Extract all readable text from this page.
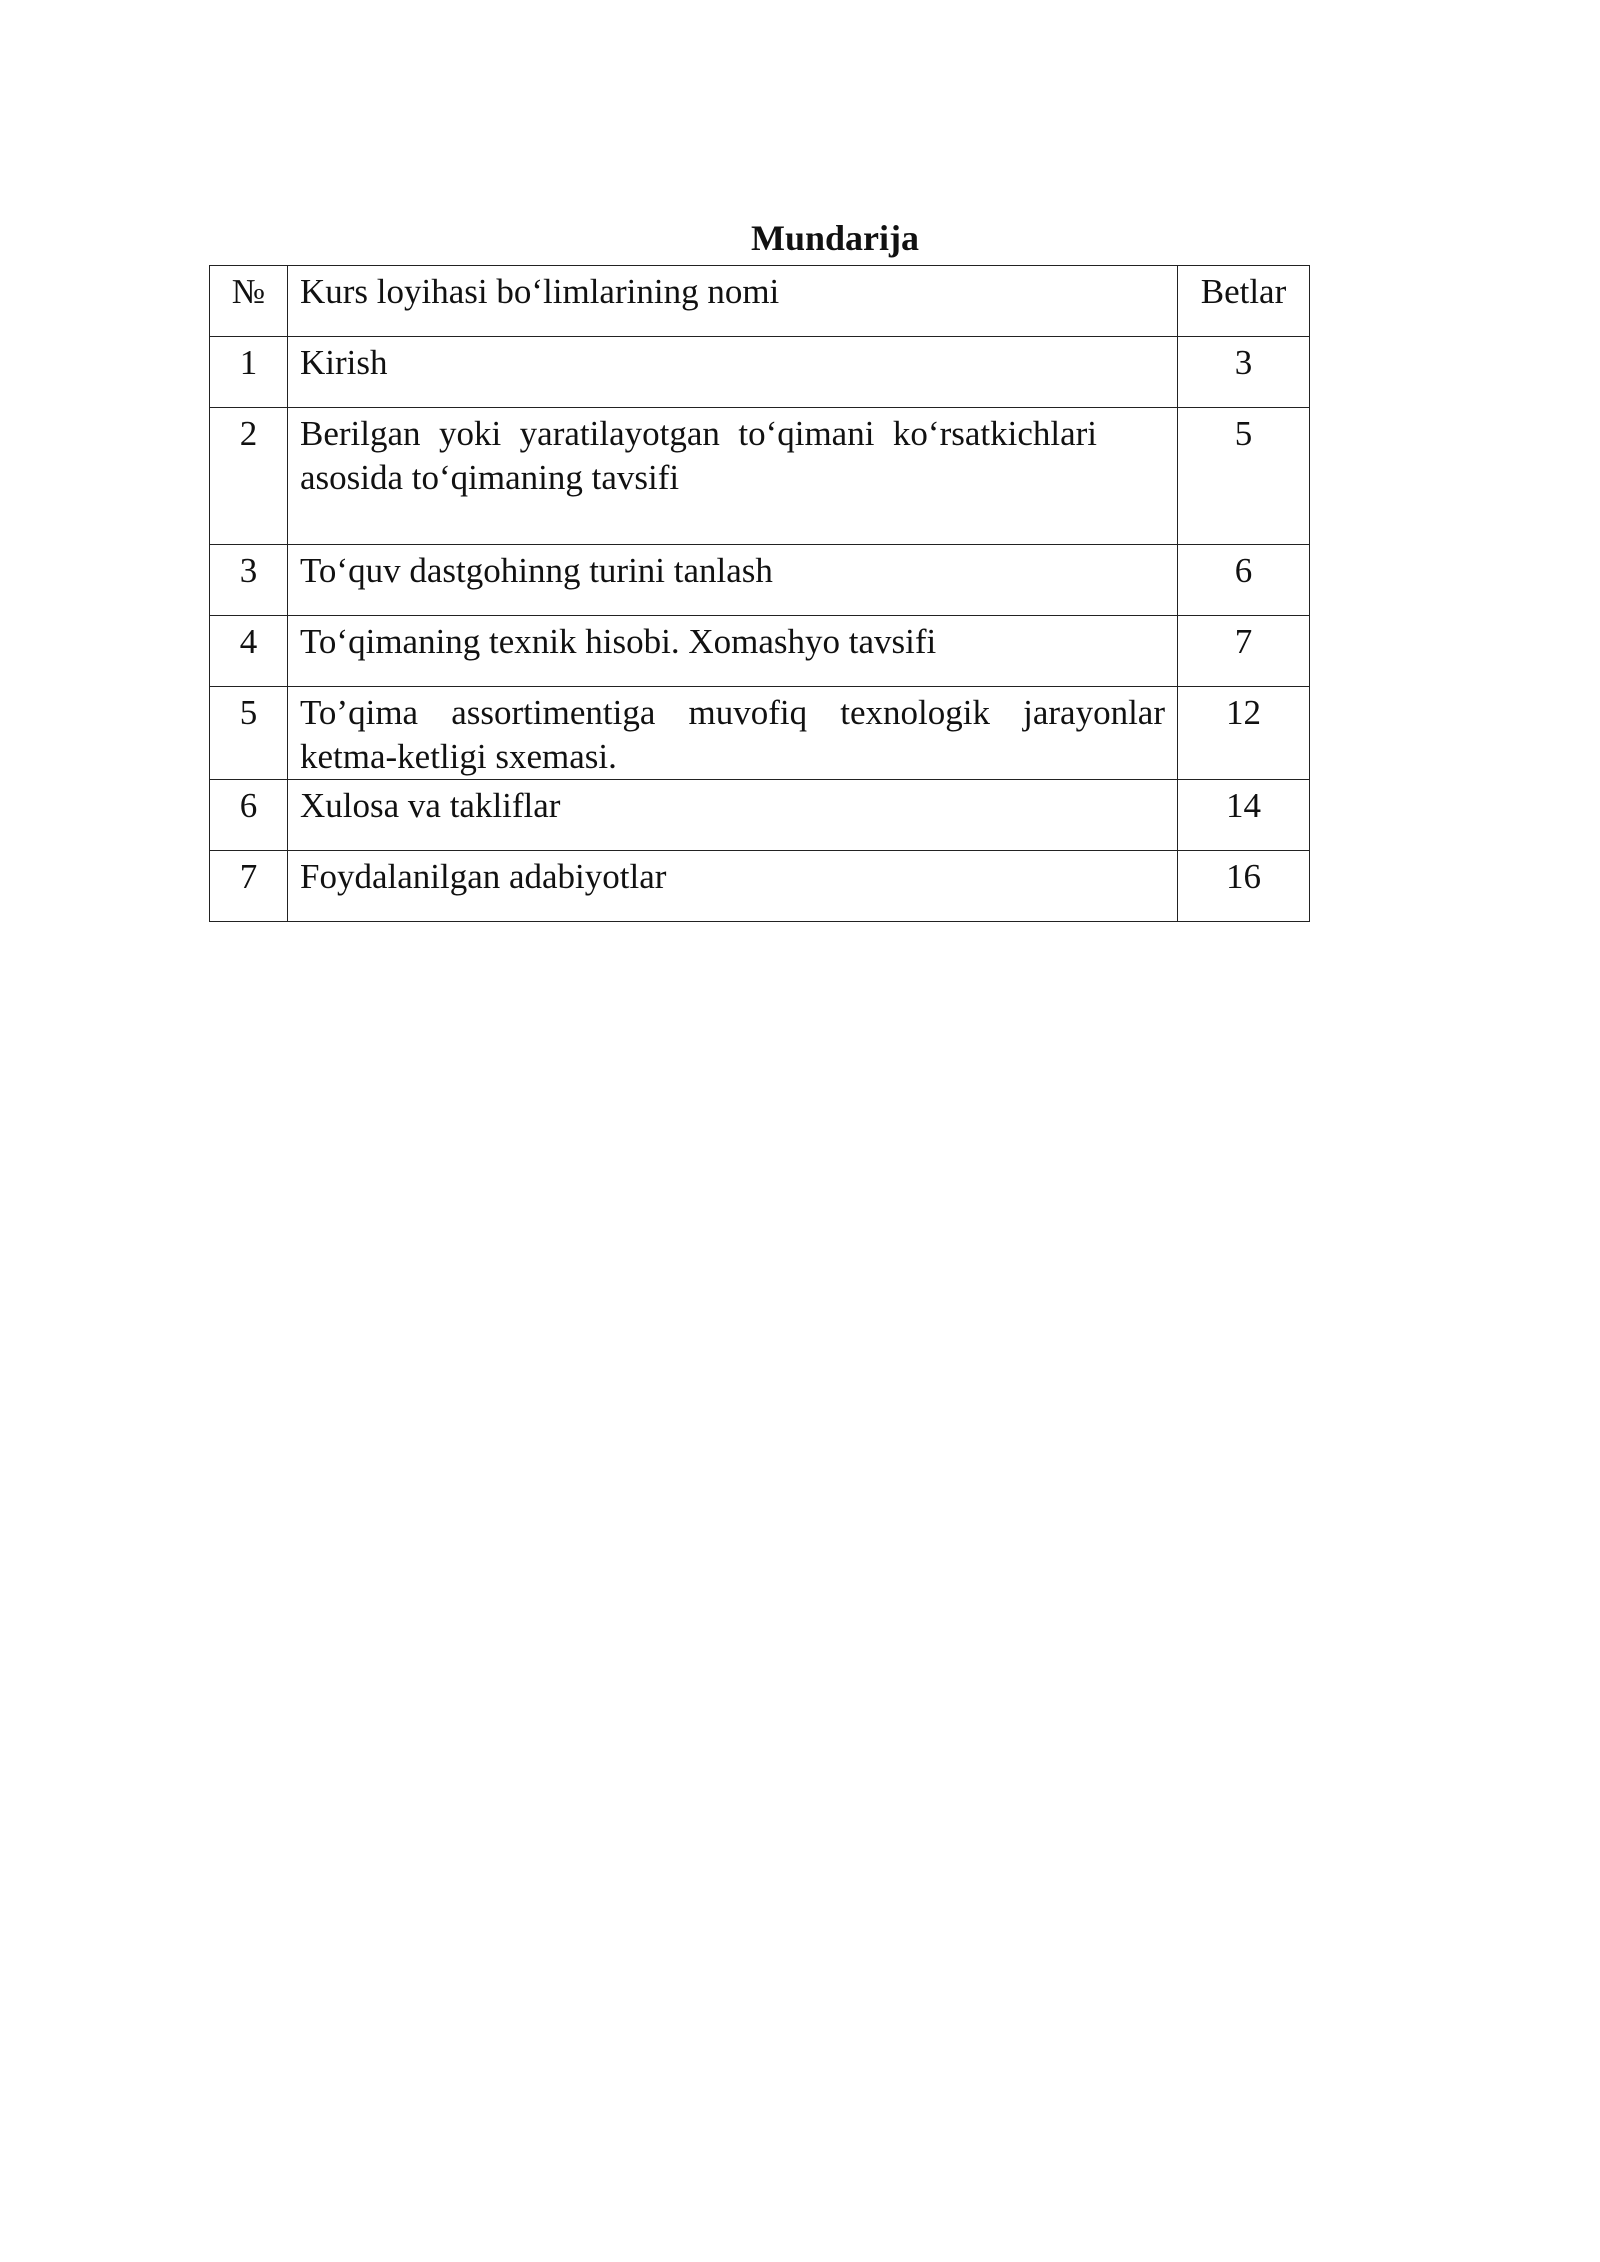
Mundarija
№	Kurs loyihasi bo‘limlarining nomi	Betlar
1	Kirish	3
2	Berilgan yoki yaratilayotgan to‘qimani ko‘rsatkichlari asosida to‘qimaning tavsifi	5
3	To‘quv dastgohinng turini tanlash	6
4	To‘qimaning texnik hisobi. Xomashyo tavsifi	7
5	To’qima assortimentiga muvofiq texnologik jarayonlar ketma-ketligi sxemasi.	12
6	Xulosa va takliflar	14
7	Foydalanilgan adabiyotlar	16
